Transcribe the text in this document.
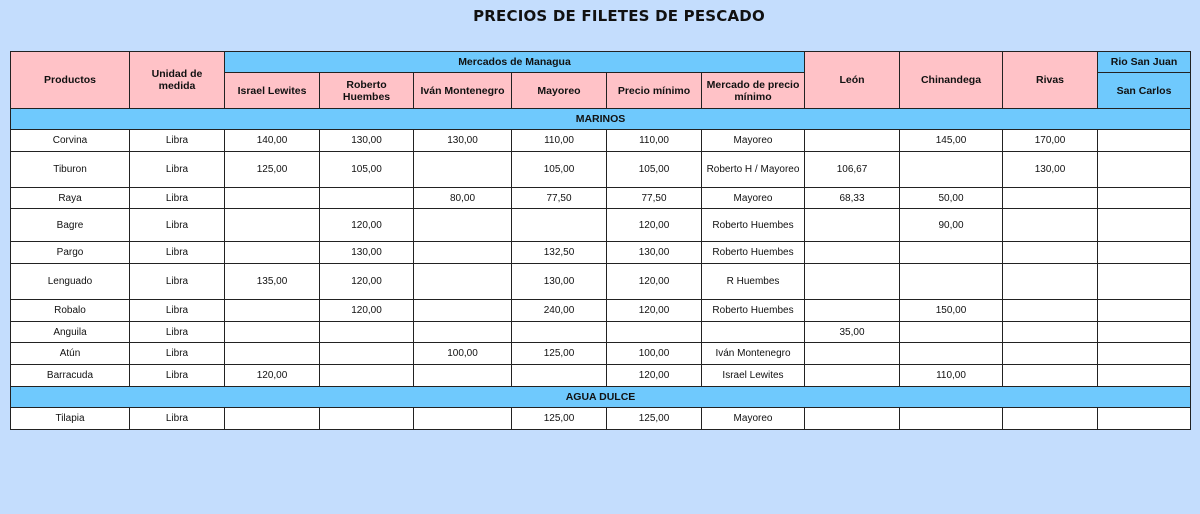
PRECIOS DE FILETES DE PESCADO
Productos	Unidad de medida	Mercados de Managua						León	Chinandega	Rivas	Rio San Juan
		Israel Lewites	Roberto Huembes	Iván Montenegro	Mayoreo	Precio mínimo	Mercado de precio mínimo				San Carlos
MARINOS											
Corvina	Libra	140,00	130,00	130,00	110,00	110,00	Mayoreo		145,00	170,00	
Tiburon	Libra	125,00	105,00		105,00	105,00	Roberto H / Mayoreo	106,67		130,00	
Raya	Libra			80,00	77,50	77,50	Mayoreo	68,33	50,00		
Bagre	Libra		120,00			120,00	Roberto Huembes		90,00		
Pargo	Libra		130,00		132,50	130,00	Roberto Huembes				
Lenguado	Libra	135,00	120,00		130,00	120,00	R Huembes				
Robalo	Libra		120,00		240,00	120,00	Roberto Huembes		150,00		
Anguila	Libra							35,00			
Atún	Libra			100,00	125,00	100,00	Iván Montenegro				
Barracuda	Libra	120,00				120,00	Israel Lewites		110,00		
AGUA DULCE											
Tilapia	Libra				125,00	125,00	Mayoreo				
